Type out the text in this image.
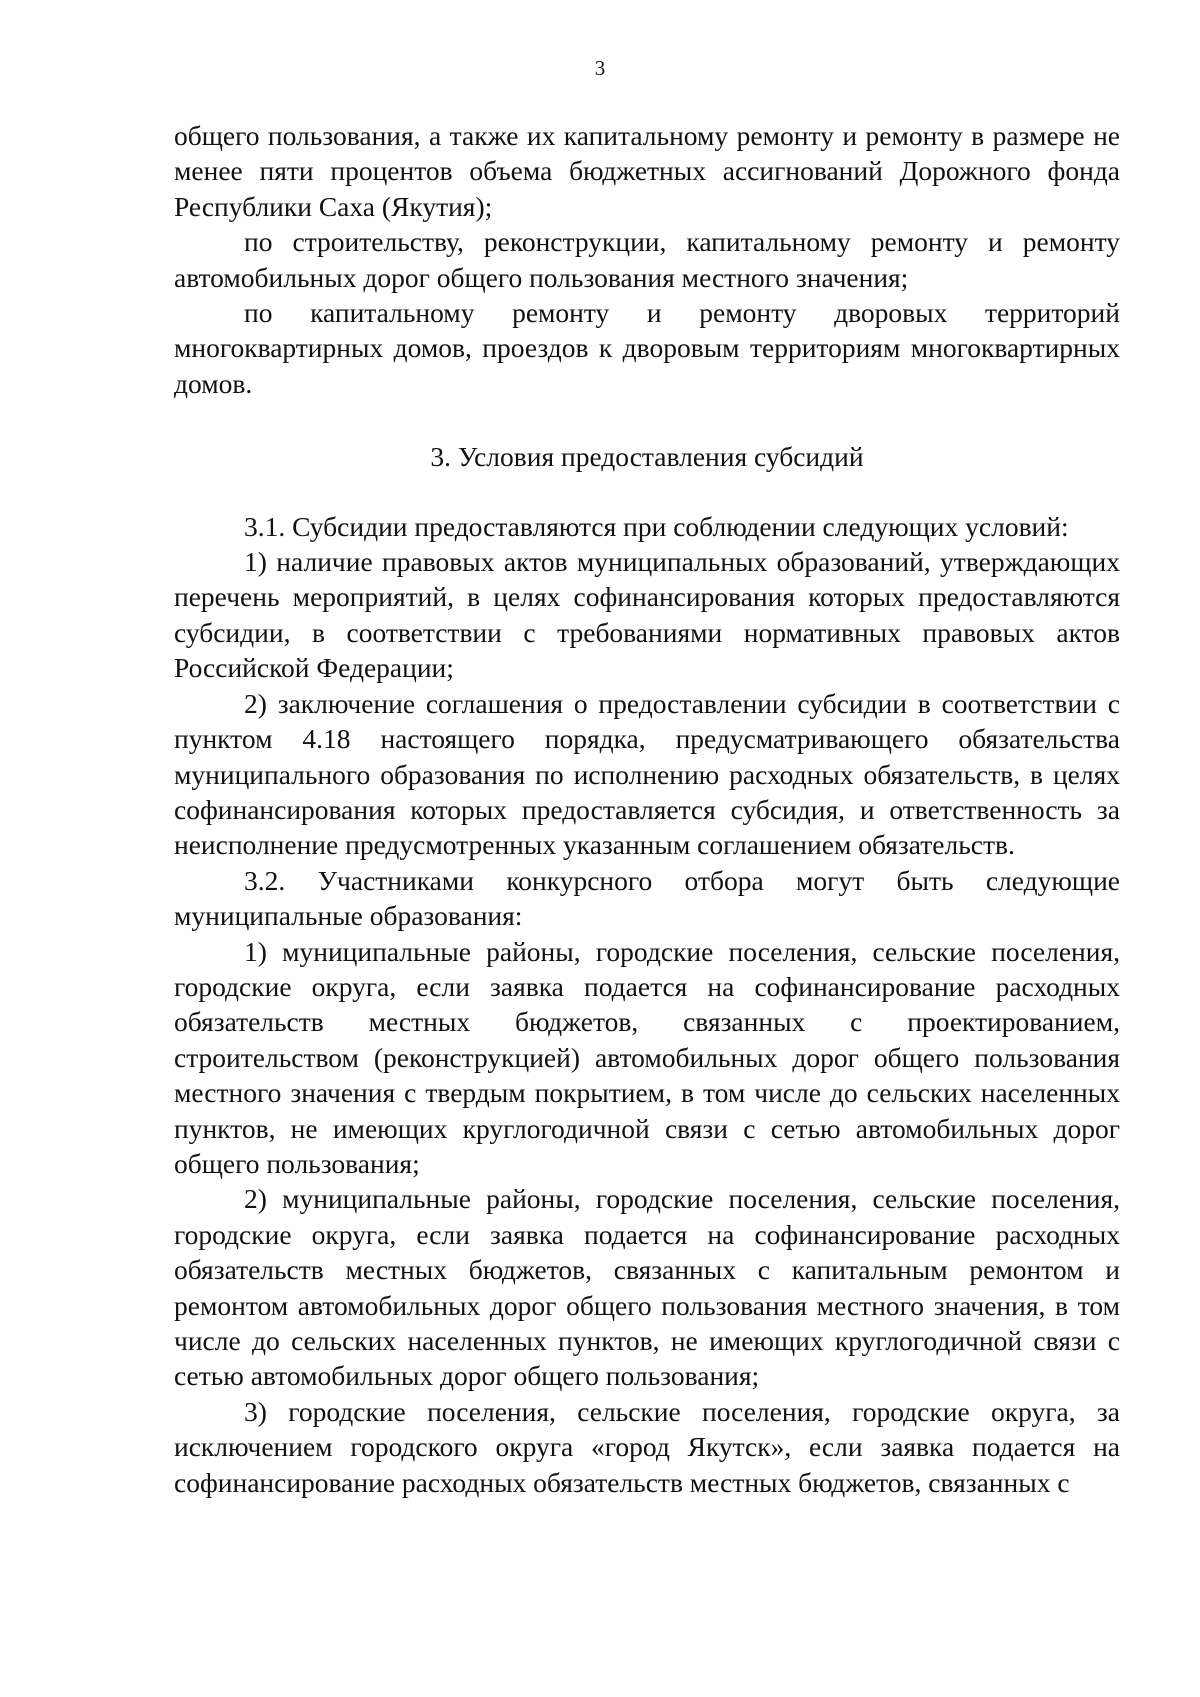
3

общего пользования, а также их капитальному ремонту и ремонту в размере не менее пяти процентов объема бюджетных ассигнований Дорожного фонда Республики Саха (Якутия);

по строительству, реконструкции, капитальному ремонту и ремонту автомобильных дорог общего пользования местного значения;

по капитальному ремонту и ремонту дворовых территорий многоквартирных домов, проездов к дворовым территориям многоквартирных домов.

3. Условия предоставления субсидий

3.1. Субсидии предоставляются при соблюдении следующих условий:

1) наличие правовых актов муниципальных образований, утверждающих перечень мероприятий, в целях софинансирования которых предоставляются субсидии, в соответствии с требованиями нормативных правовых актов Российской Федерации;

2) заключение соглашения о предоставлении субсидии в соответствии с пунктом 4.18 настоящего порядка, предусматривающего обязательства муниципального образования по исполнению расходных обязательств, в целях софинансирования которых предоставляется субсидия, и ответственность за неисполнение предусмотренных указанным соглашением обязательств.

3.2. Участниками конкурсного отбора могут быть следующие муниципальные образования:

1) муниципальные районы, городские поселения, сельские поселения, городские округа, если заявка подается на софинансирование расходных обязательств местных бюджетов, связанных с проектированием, строительством (реконструкцией) автомобильных дорог общего пользования местного значения с твердым покрытием, в том числе до сельских населенных пунктов, не имеющих круглогодичной связи с сетью автомобильных дорог общего пользования;

2) муниципальные районы, городские поселения, сельские поселения, городские округа, если заявка подается на софинансирование расходных обязательств местных бюджетов, связанных с капитальным ремонтом и ремонтом автомобильных дорог общего пользования местного значения, в том числе до сельских населенных пунктов, не имеющих круглогодичной связи с сетью автомобильных дорог общего пользования;

3) городские поселения, сельские поселения, городские округа, за исключением городского округа «город Якутск», если заявка подается на софинансирование расходных обязательств местных бюджетов, связанных с
